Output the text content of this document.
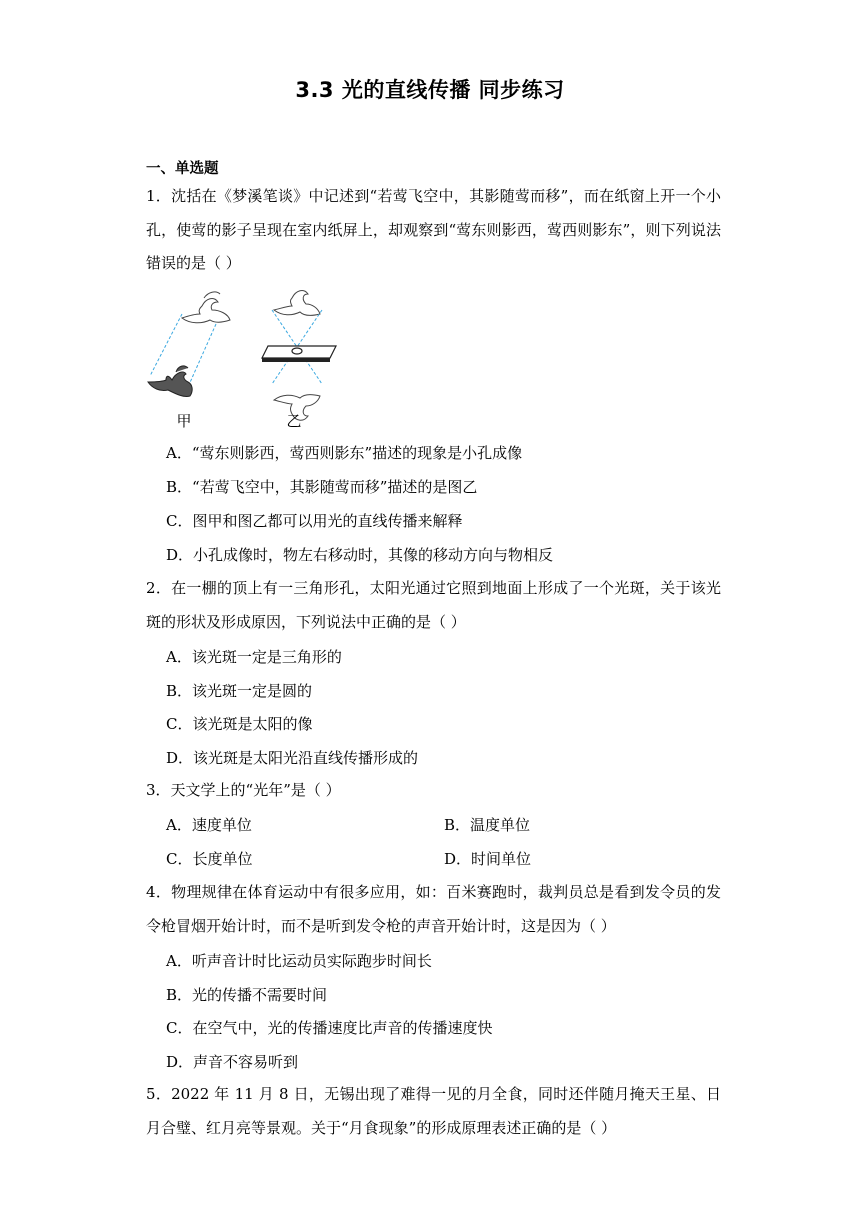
3.3 光的直线传播 同步练习
一、单选题
1．沈括在《梦溪笔谈》中记述到“若莺飞空中，其影随莺而移”，而在纸窗上开一个小孔，使莺的影子呈现在室内纸屏上，却观察到“莺东则影西，莺西则影东”，则下列说法错误的是（ ）
甲	乙
A．“莺东则影西，莺西则影东”描述的现象是小孔成像
B．“若莺飞空中，其影随莺而移”描述的是图乙
C．图甲和图乙都可以用光的直线传播来解释
D．小孔成像时，物左右移动时，其像的移动方向与物相反
2．在一棚的顶上有一三角形孔，太阳光通过它照到地面上形成了一个光斑，关于该光斑的形状及形成原因，下列说法中正确的是（ ）
A．该光斑一定是三角形的
B．该光斑一定是圆的
C．该光斑是太阳的像
D．该光斑是太阳光沿直线传播形成的
3．天文学上的“光年”是（ ）
A．速度单位	B．温度单位
C．长度单位	D．时间单位
4．物理规律在体育运动中有很多应用，如：百米赛跑时，裁判员总是看到发令员的发令枪冒烟开始计时，而不是听到发令枪的声音开始计时，这是因为（ ）
A．听声音计时比运动员实际跑步时间长
B．光的传播不需要时间
C．在空气中，光的传播速度比声音的传播速度快
D．声音不容易听到
5．2022 年 11 月 8 日，无锡出现了难得一见的月全食，同时还伴随月掩天王星、日月合璧、红月亮等景观。关于“月食现象”的形成原理表述正确的是（ ）
